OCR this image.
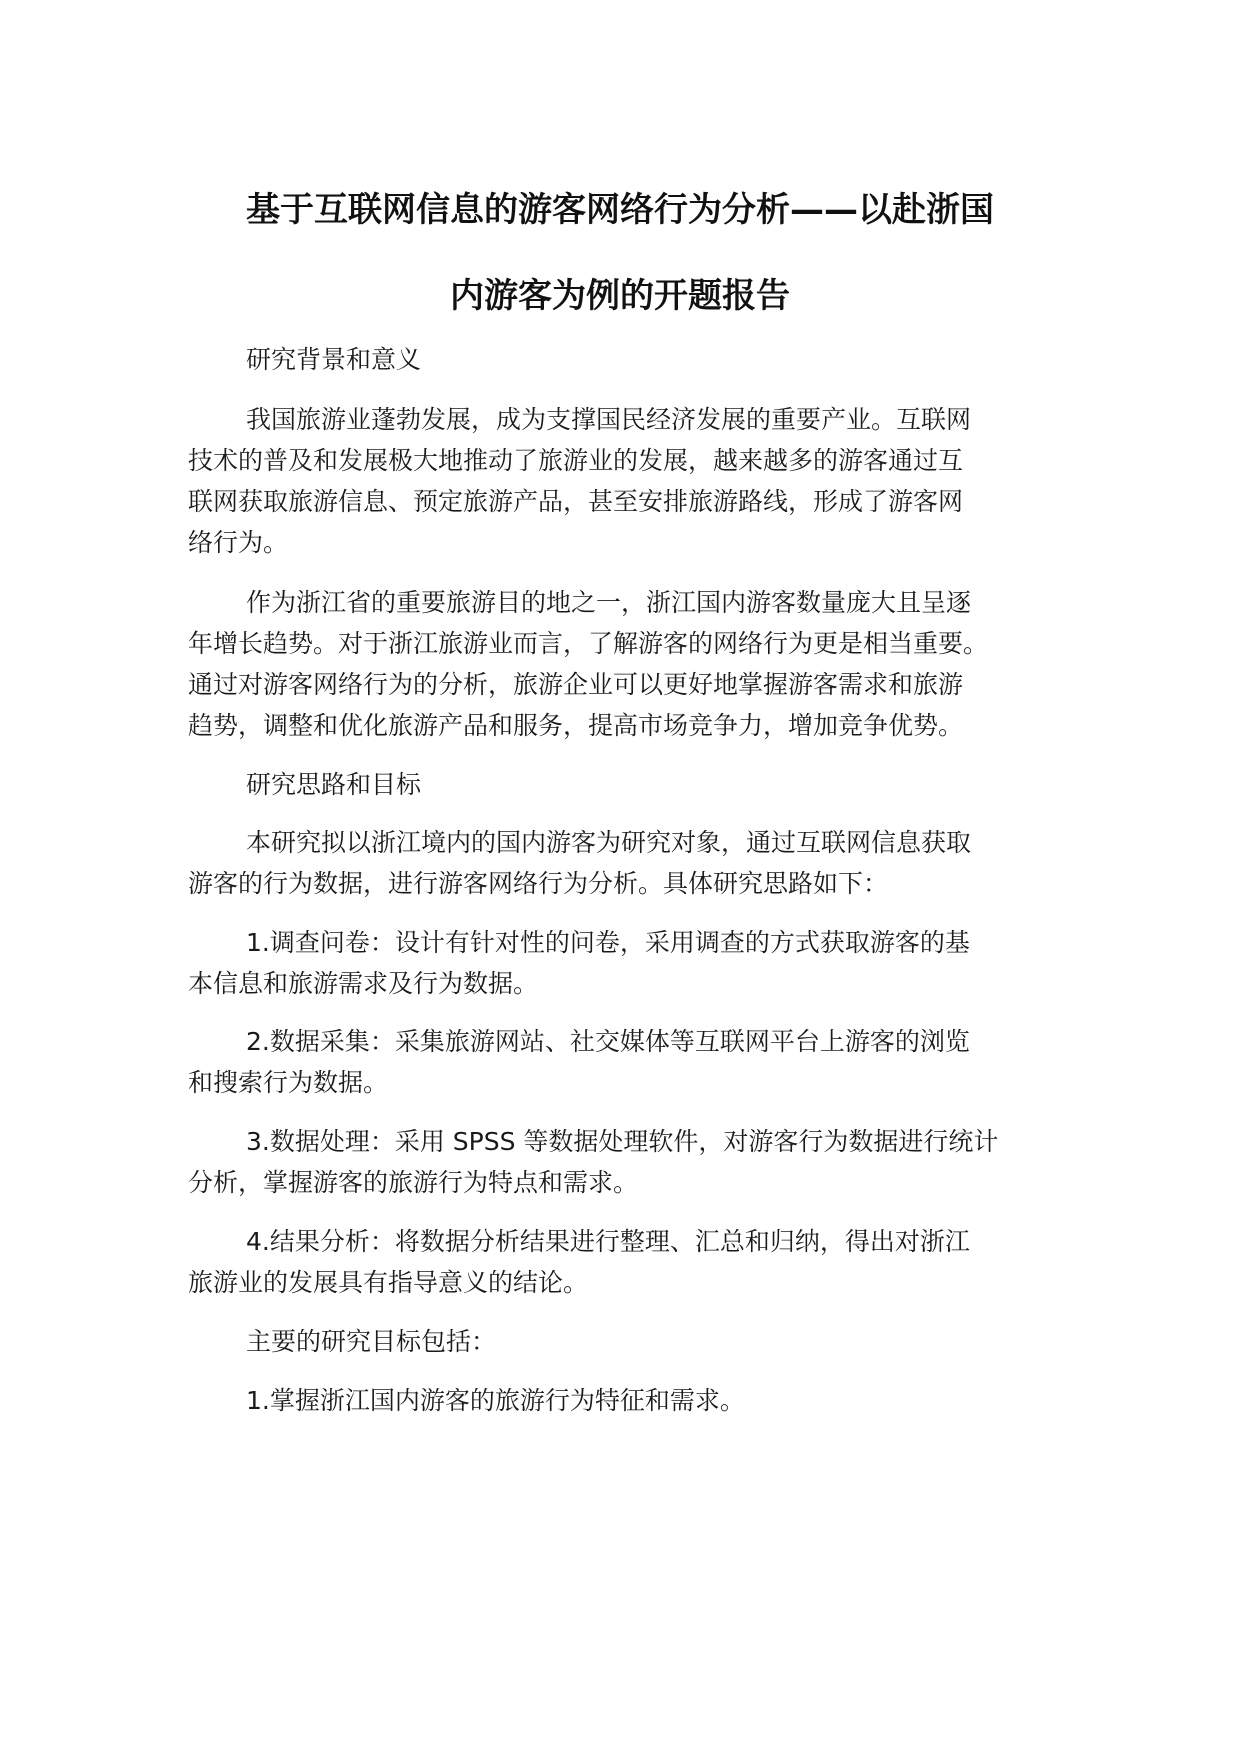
基于互联网信息的游客网络行为分析——以赴浙国
内游客为例的开题报告
研究背景和意义
我国旅游业蓬勃发展，成为支撑国民经济发展的重要产业。互联网
技术的普及和发展极大地推动了旅游业的发展，越来越多的游客通过互
联网获取旅游信息、预定旅游产品，甚至安排旅游路线，形成了游客网
络行为。
作为浙江省的重要旅游目的地之一，浙江国内游客数量庞大且呈逐
年增长趋势。对于浙江旅游业而言，了解游客的网络行为更是相当重要。
通过对游客网络行为的分析，旅游企业可以更好地掌握游客需求和旅游
趋势，调整和优化旅游产品和服务，提高市场竞争力，增加竞争优势。
研究思路和目标
本研究拟以浙江境内的国内游客为研究对象，通过互联网信息获取
游客的行为数据，进行游客网络行为分析。具体研究思路如下：
1.调查问卷：设计有针对性的问卷，采用调查的方式获取游客的基
本信息和旅游需求及行为数据。
2.数据采集：采集旅游网站、社交媒体等互联网平台上游客的浏览
和搜索行为数据。
3.数据处理：采用 SPSS 等数据处理软件，对游客行为数据进行统计
分析，掌握游客的旅游行为特点和需求。
4.结果分析：将数据分析结果进行整理、汇总和归纳，得出对浙江
旅游业的发展具有指导意义的结论。
主要的研究目标包括：
1.掌握浙江国内游客的旅游行为特征和需求。
